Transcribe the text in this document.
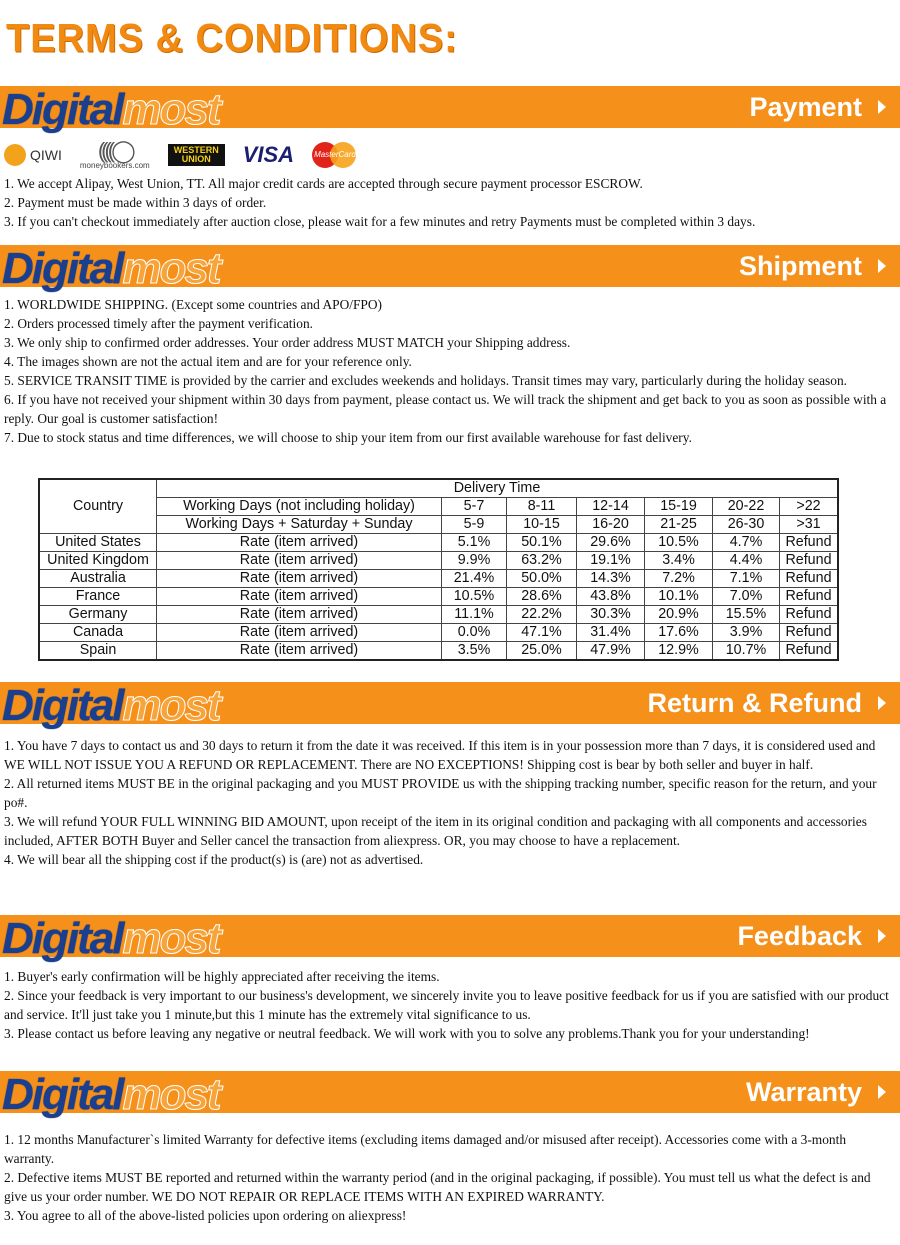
TERMS & CONDITIONS:
Digital most	Payment
QIWI	((((◯
moneybookers.com
WESTERN
UNION	VISA	MasterCard
1. We accept Alipay, West Union, TT. All major credit cards are accepted through secure payment processor ESCROW.
2. Payment must be made within 3 days of order.
3. If you can't checkout immediately after auction close, please wait for a few minutes and retry Payments must be completed within 3 days.
Digital most	Shipment
1. WORLDWIDE SHIPPING. (Except some countries and APO/FPO)
2. Orders processed timely after the payment verification.
3. We only ship to confirmed order addresses. Your order address MUST MATCH your Shipping address.
4. The images shown are not the actual item and are for your reference only.
5. SERVICE TRANSIT TIME is provided by the carrier and excludes weekends and holidays. Transit times may vary, particularly during the holiday season.
6. If you have not received your shipment within 30 days from payment, please contact us. We will track the shipment and get back to you as soon as possible with a reply. Our goal is customer satisfaction!
7. Due to stock status and time differences, we will choose to ship your item from our first available warehouse for fast delivery.
Country	Delivery Time						
	Working Days (not including holiday)	5-7	8-11	12-14	15-19	20-22	>22
	Working Days + Saturday + Sunday	5-9	10-15	16-20	21-25	26-30	>31
United States	Rate (item arrived)	5.1%	50.1%	29.6%	10.5%	4.7%	Refund
United Kingdom	Rate (item arrived)	9.9%	63.2%	19.1%	3.4%	4.4%	Refund
Australia	Rate (item arrived)	21.4%	50.0%	14.3%	7.2%	7.1%	Refund
France	Rate (item arrived)	10.5%	28.6%	43.8%	10.1%	7.0%	Refund
Germany	Rate (item arrived)	11.1%	22.2%	30.3%	20.9%	15.5%	Refund
Canada	Rate (item arrived)	0.0%	47.1%	31.4%	17.6%	3.9%	Refund
Spain	Rate (item arrived)	3.5%	25.0%	47.9%	12.9%	10.7%	Refund
Digital most	Return & Refund
1. You have 7 days to contact us and 30 days to return it from the date it was received. If this item is in your possession more than 7 days, it is considered used and WE WILL NOT ISSUE YOU A REFUND OR REPLACEMENT. There are NO EXCEPTIONS! Shipping cost is bear by both seller and buyer in half.
2. All returned items MUST BE in the original packaging and you MUST PROVIDE us with the shipping tracking number, specific reason for the return, and your po#.
3. We will refund YOUR FULL WINNING BID AMOUNT, upon receipt of the item in its original condition and packaging with all components and accessories included, AFTER BOTH Buyer and Seller cancel the transaction from aliexpress. OR, you may choose to have a replacement.
4. We will bear all the shipping cost if the product(s) is (are) not as advertised.
Digital most	Feedback
1. Buyer's early confirmation will be highly appreciated after receiving the items.
2. Since your feedback is very important to our business's development, we sincerely invite you to leave positive feedback for us if you are satisfied with our product and service. It'll just take you 1 minute,but this 1 minute has the extremely vital significance to us.
3. Please contact us before leaving any negative or neutral feedback. We will work with you to solve any problems.Thank you for your understanding!
Digital most	Warranty
1. 12 months Manufacturer`s limited Warranty for defective items (excluding items damaged and/or misused after receipt). Accessories come with a 3-month warranty.
2. Defective items MUST BE reported and returned within the warranty period (and in the original packaging, if possible). You must tell us what the defect is and give us your order number. WE DO NOT REPAIR OR REPLACE ITEMS WITH AN EXPIRED WARRANTY.
3. You agree to all of the above-listed policies upon ordering on aliexpress!
